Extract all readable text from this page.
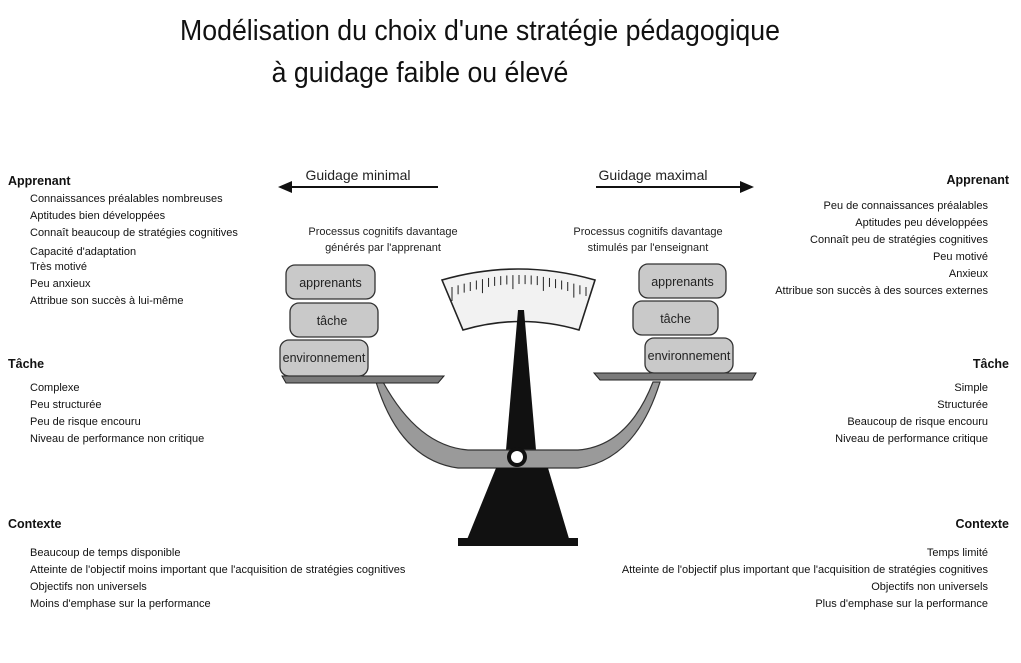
Modélisation du choix d'une stratégie pédagogique
à guidage faible ou élevé
Apprenant
Connaissances préalables nombreuses
Aptitudes bien développées
Connaît beaucoup de stratégies cognitives
Capacité d'adaptation
Très motivé
Peu anxieux
Attribue son succès à lui-même
Tâche
Complexe
Peu structurée
Peu de risque encouru
Niveau de performance non critique
Contexte
Beaucoup de temps disponible
Atteinte de l'objectif moins important que l'acquisition de stratégies cognitives
Objectifs non universels
Moins d'emphase sur la performance
Apprenant
Peu de connaissances préalables
Aptitudes peu développées
Connaît peu de stratégies cognitives
Peu motivé
Anxieux
Attribue son succès à des sources externes
Tâche
Simple
Structurée
Beaucoup de risque encouru
Niveau de performance critique
Contexte
Temps limité
Atteinte de l'objectif plus important que l'acquisition de stratégies cognitives
Objectifs non universels
Plus d'emphase sur la performance
Guidage minimal	Guidage maximal
Processus cognitifs davantage
générés par l'apprenant
Processus cognitifs davantage
stimulés par l'enseignant
apprenants
tâche
environnement
apprenants
tâche
environnement
